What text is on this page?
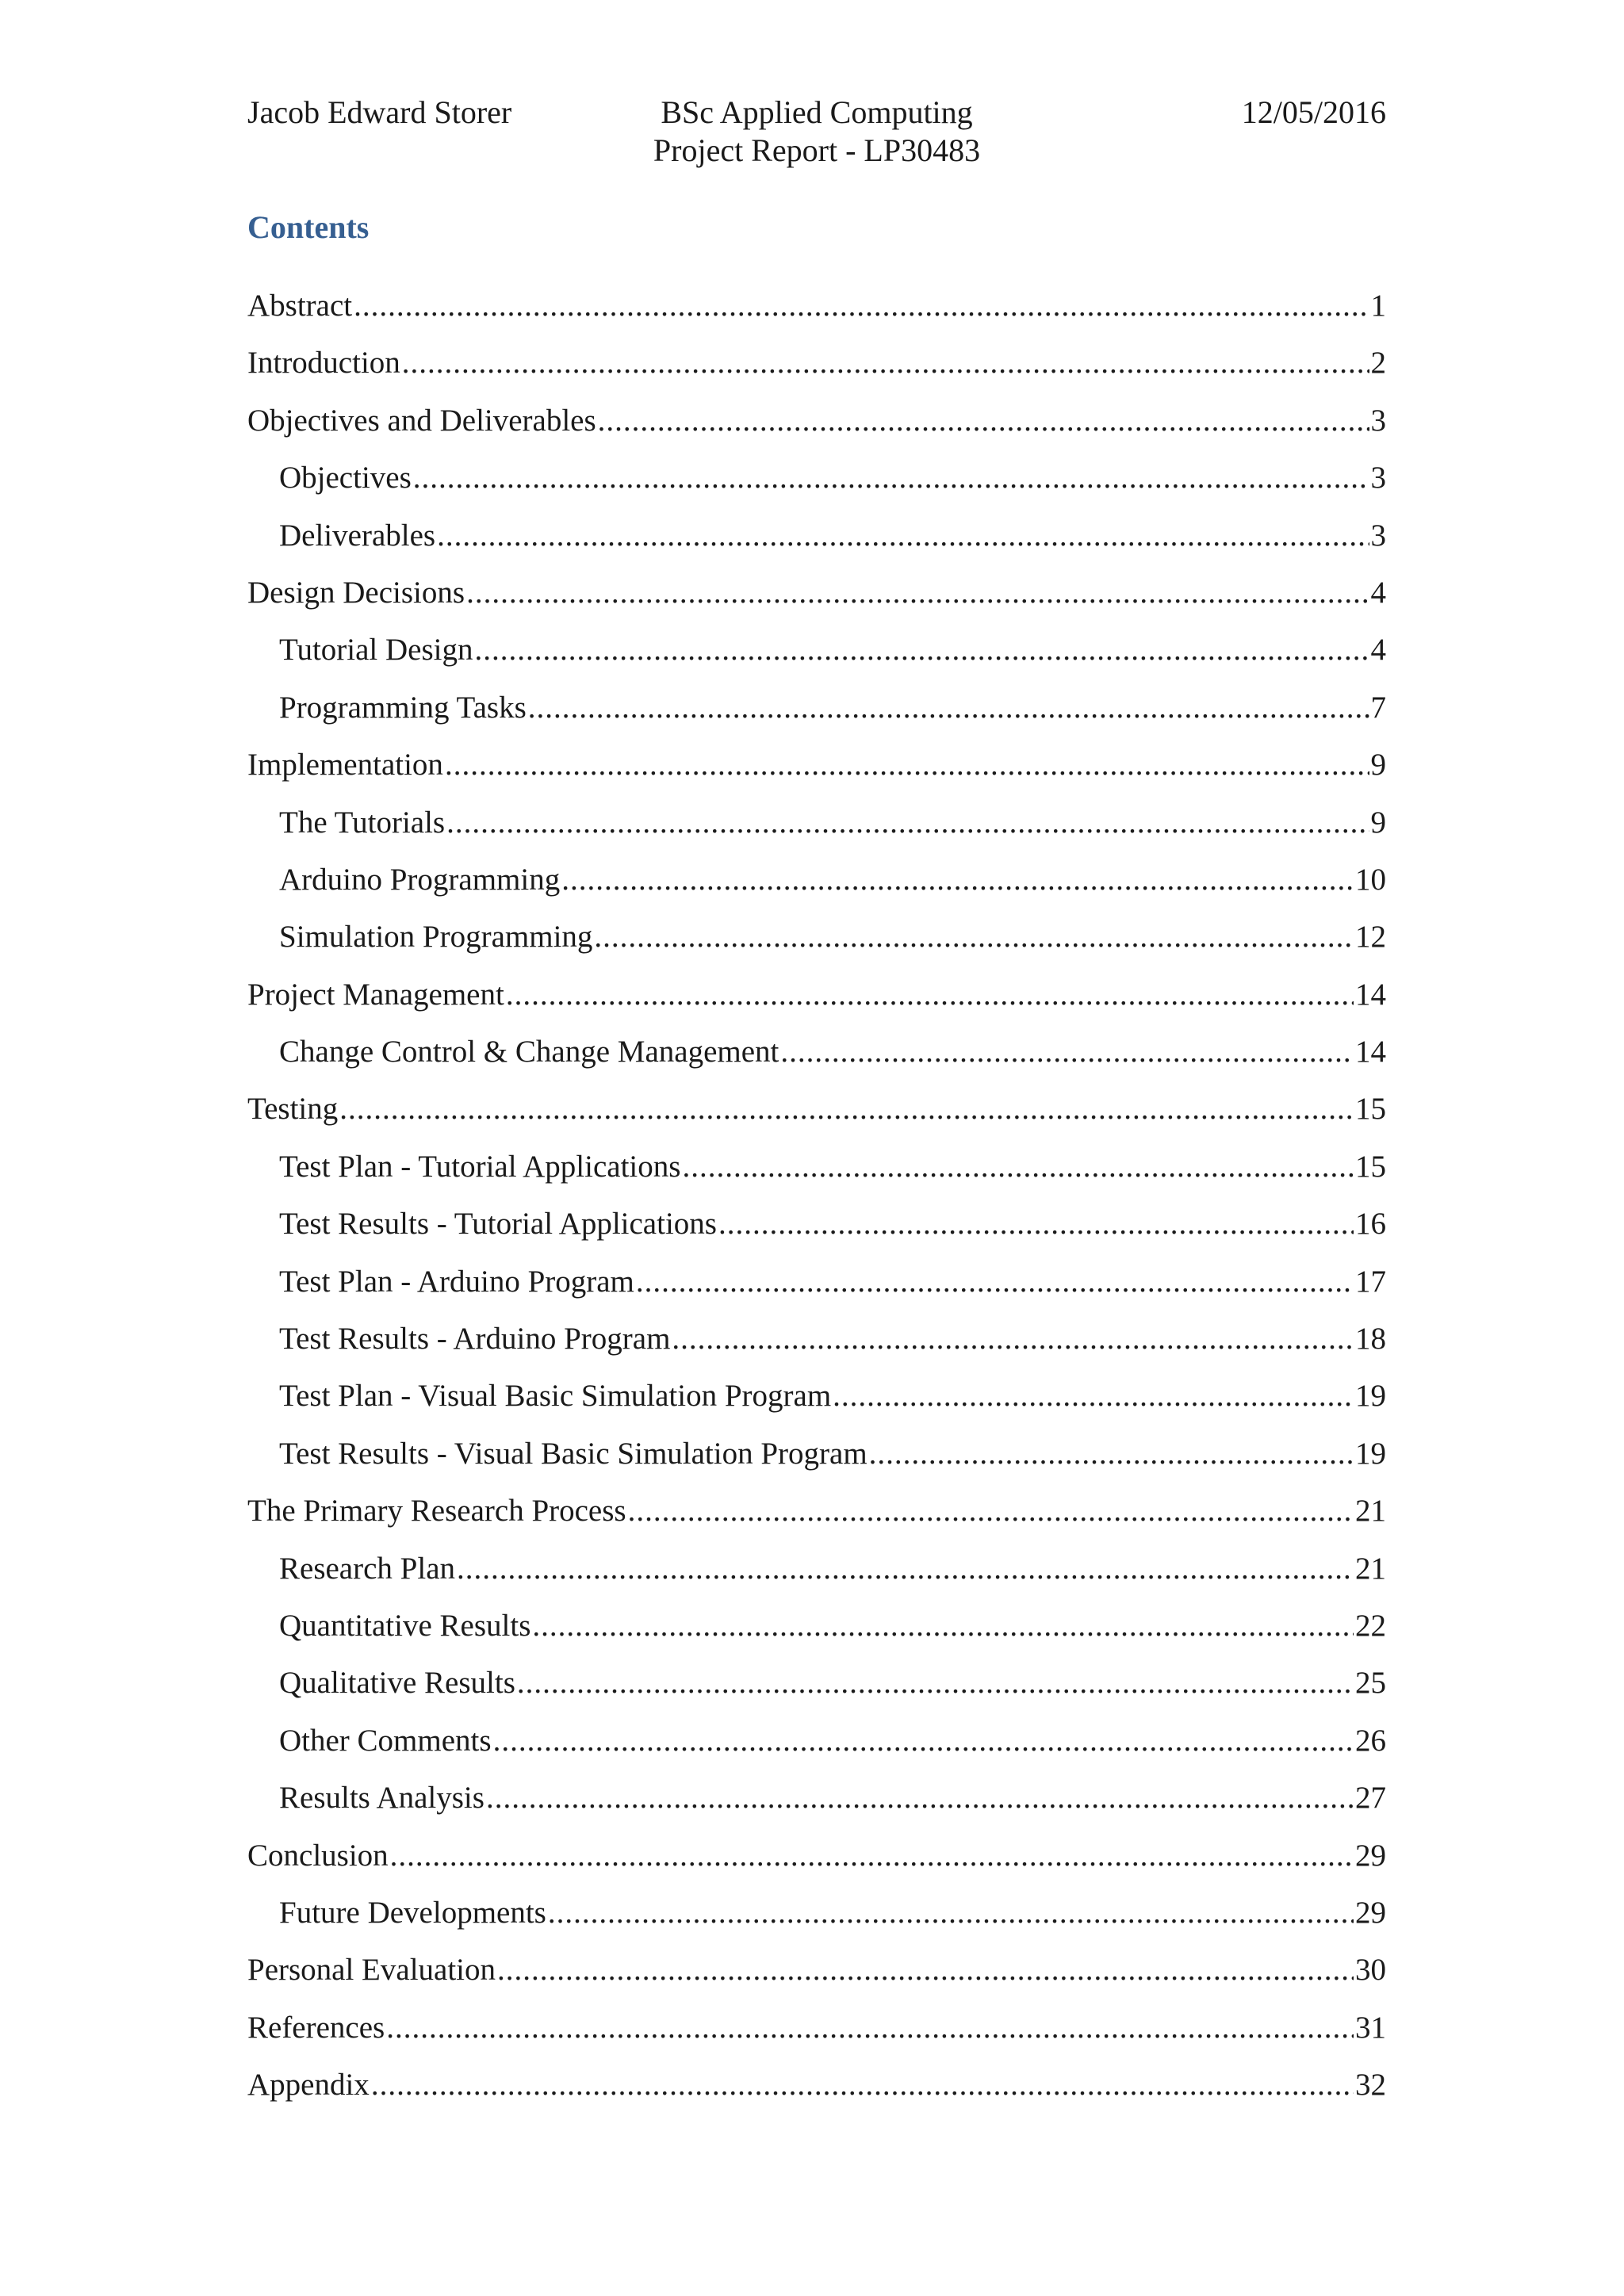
Jacob Edward Storer	BSc Applied Computing
Project Report - LP30483
12/05/2016
Contents
Abstract .....	1
Introduction .....	2
Objectives and Deliverables .....	3
Objectives .....	3
Deliverables .....	3
Design Decisions .....	4
Tutorial Design .....	4
Programming Tasks .....	7
Implementation .....	9
The Tutorials .....	9
Arduino Programming .....	10
Simulation Programming .....	12
Project Management .....	14
Change Control & Change Management .....	14
Testing .....	15
Test Plan - Tutorial Applications .....	15
Test Results - Tutorial Applications .....	16
Test Plan - Arduino Program .....	17
Test Results - Arduino Program .....	18
Test Plan - Visual Basic Simulation Program .....	19
Test Results - Visual Basic Simulation Program .....	19
The Primary Research Process .....	21
Research Plan .....	21
Quantitative Results .....	22
Qualitative Results .....	25
Other Comments .....	26
Results Analysis .....	27
Conclusion .....	29
Future Developments .....	29
Personal Evaluation .....	30
References .....	31
Appendix .....	32
